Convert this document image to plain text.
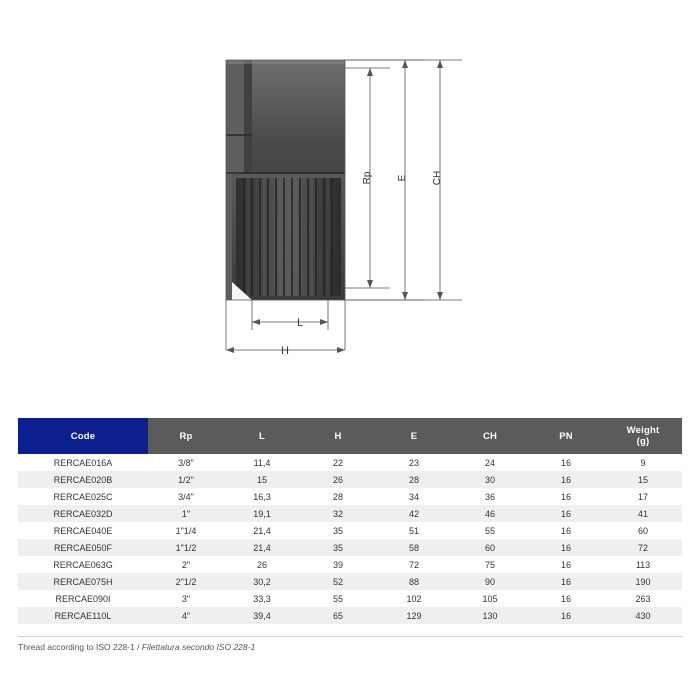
Rp E CH
L
H
Code	Rp	L	H	E	CH	PN	Weight
(g)

RERCAE016A	3/8"	11,4	22	23	24	16	9
RERCAE020B	1/2"	15	26	28	30	16	15
RERCAE025C	3/4"	16,3	28	34	36	16	17
RERCAE032D	1"	19,1	32	42	46	16	41
RERCAE040E	1"1/4	21,4	35	51	55	16	60
RERCAE050F	1"1/2	21,4	35	58	60	16	72
RERCAE063G	2"	26	39	72	75	16	113
RERCAE075H	2"1/2	30,2	52	88	90	16	190
RERCAE090I	3"	33,3	55	102	105	16	263
RERCAE110L	4"	39,4	65	129	130	16	430
Thread according to ISO 228-1 / Filettatura secondo ISO 228-1
